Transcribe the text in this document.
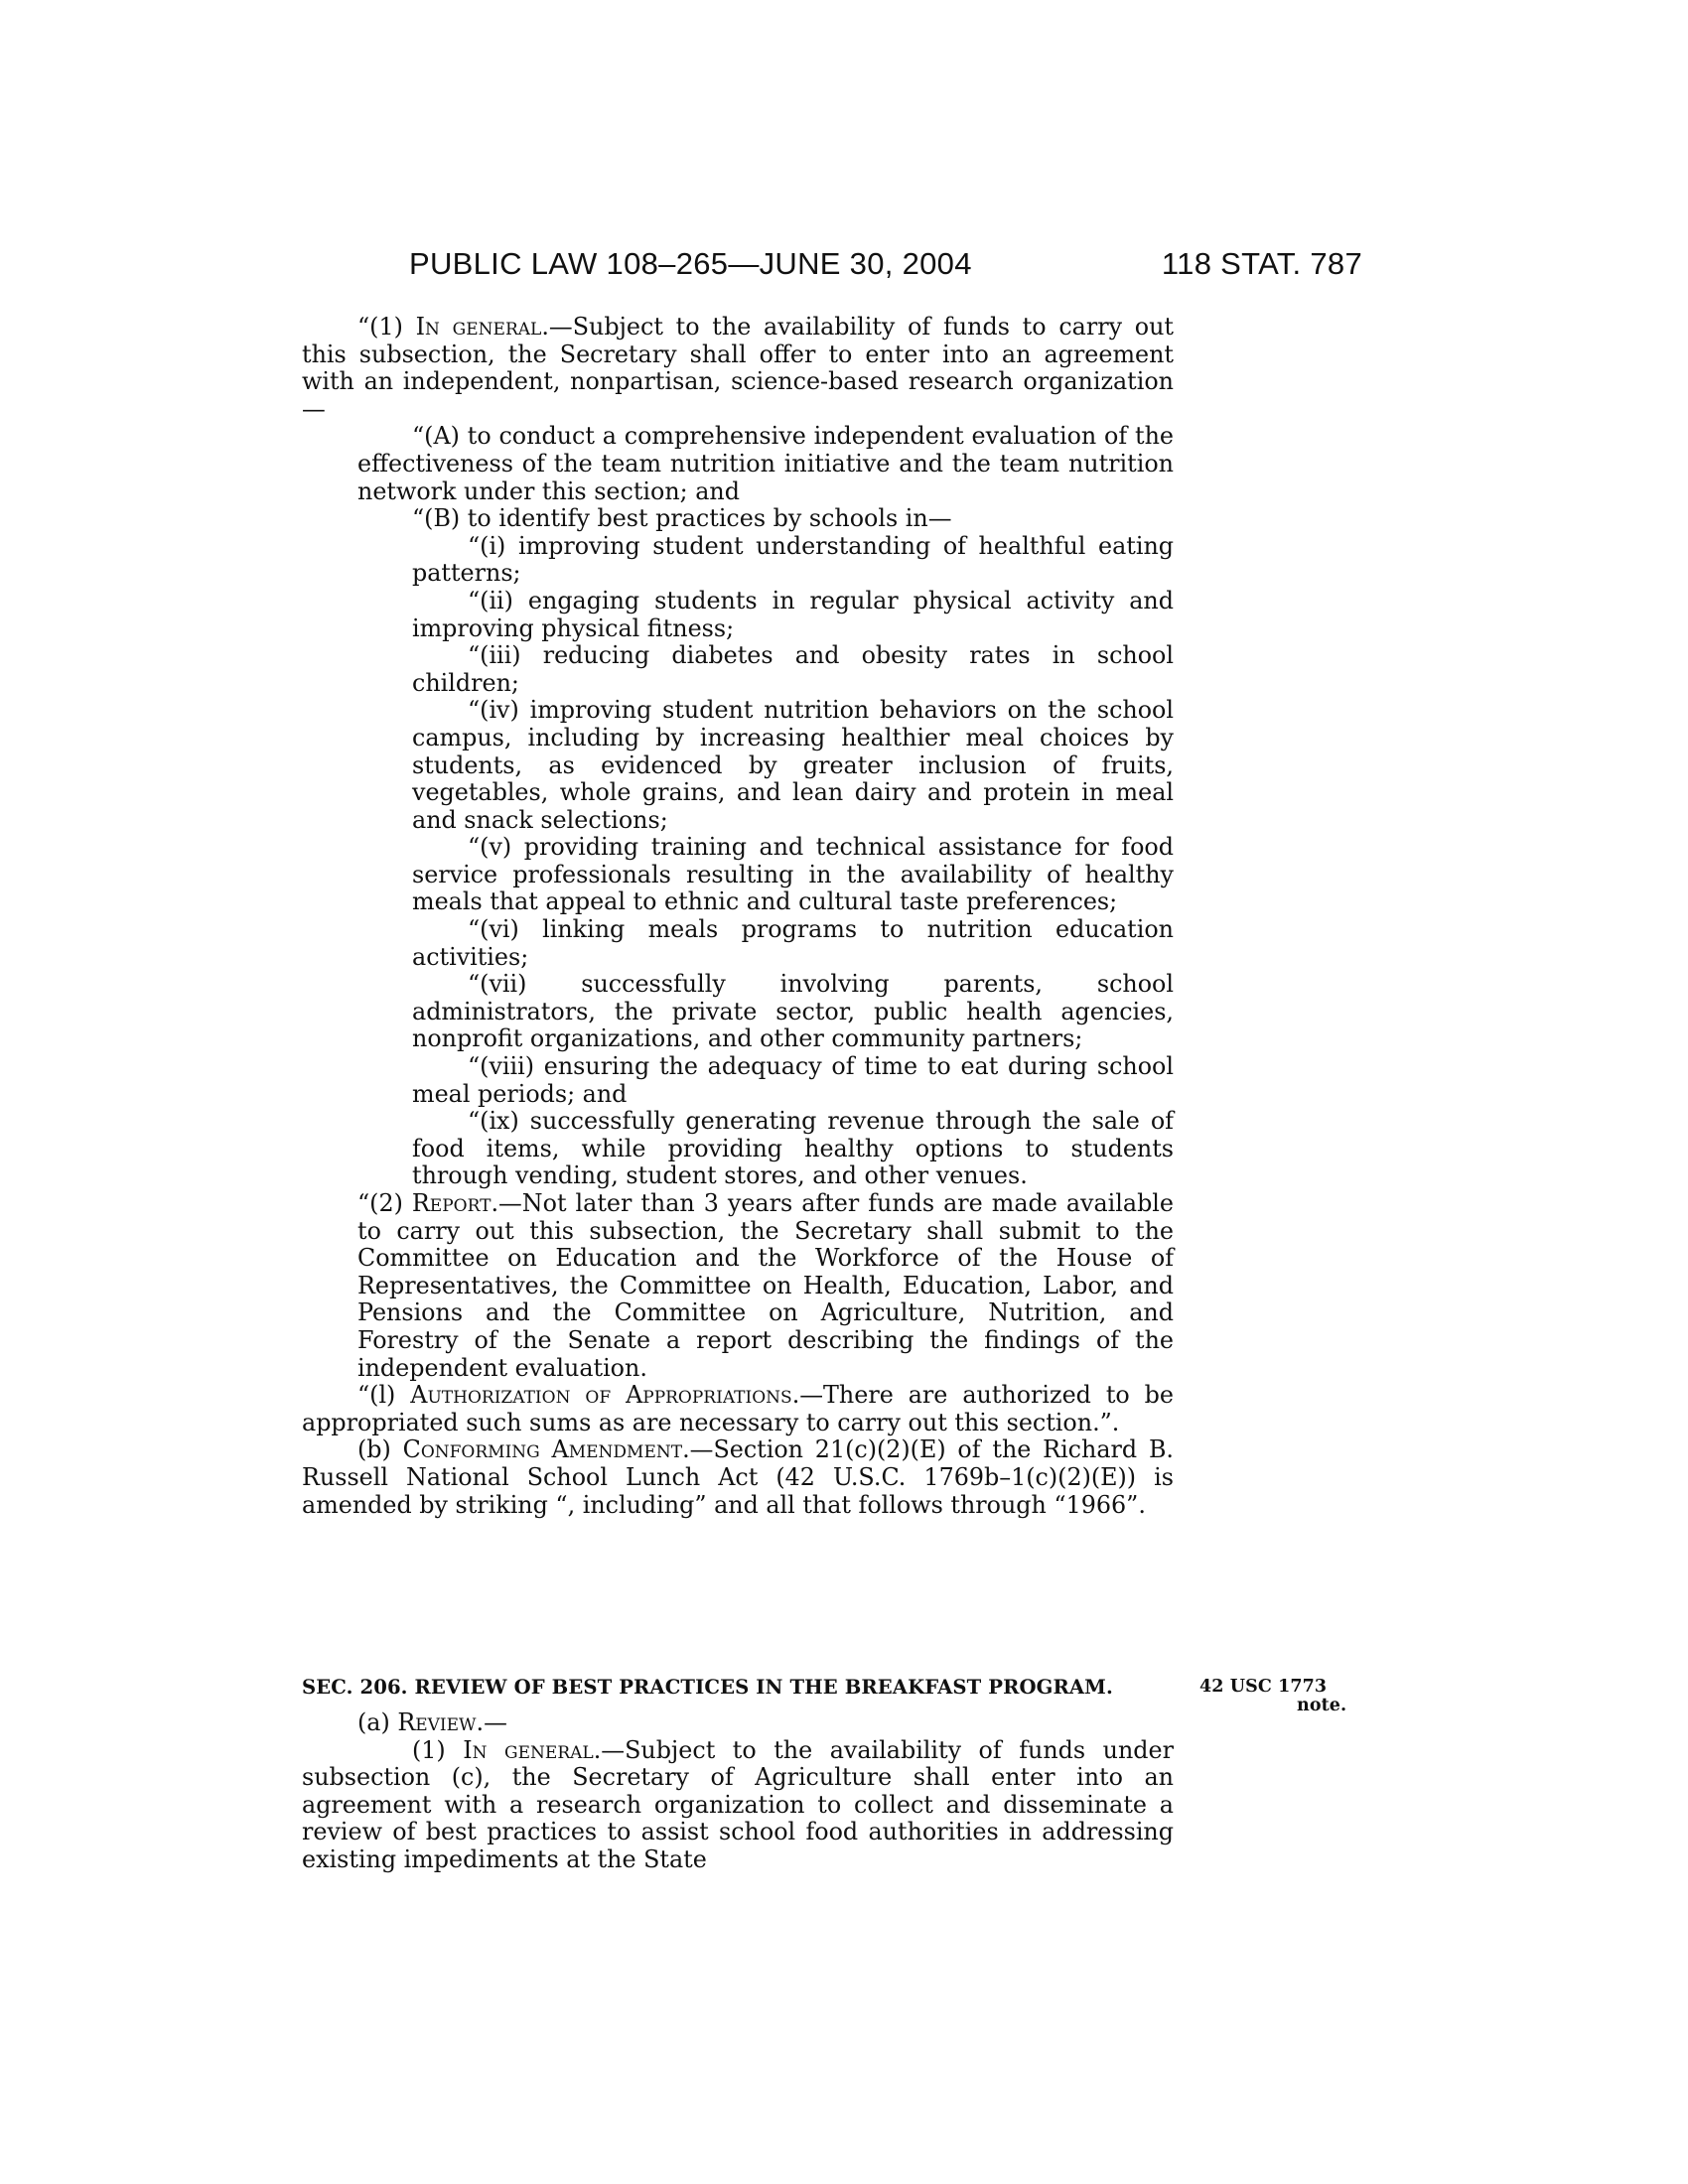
PUBLIC LAW 108–265—JUNE 30, 2004	118 STAT. 787

“(1) In general.—Subject to the availability of funds to carry out this subsection, the Secretary shall offer to enter into an agreement with an independent, nonpartisan, science-based research organization—

“(A) to conduct a comprehensive independent evaluation of the effectiveness of the team nutrition initiative and the team nutrition network under this section; and

“(B) to identify best practices by schools in—

“(i) improving student understanding of healthful eating patterns;

“(ii) engaging students in regular physical activity and improving physical fitness;

“(iii) reducing diabetes and obesity rates in school children;

“(iv) improving student nutrition behaviors on the school campus, including by increasing healthier meal choices by students, as evidenced by greater inclusion of fruits, vegetables, whole grains, and lean dairy and protein in meal and snack selections;

“(v) providing training and technical assistance for food service professionals resulting in the availability of healthy meals that appeal to ethnic and cultural taste preferences;

“(vi) linking meals programs to nutrition education activities;

“(vii) successfully involving parents, school administrators, the private sector, public health agencies, nonprofit organizations, and other community partners;

“(viii) ensuring the adequacy of time to eat during school meal periods; and

“(ix) successfully generating revenue through the sale of food items, while providing healthy options to students through vending, student stores, and other venues.

“(2) Report.—Not later than 3 years after funds are made available to carry out this subsection, the Secretary shall submit to the Committee on Education and the Workforce of the House of Representatives, the Committee on Health, Education, Labor, and Pensions and the Committee on Agriculture, Nutrition, and Forestry of the Senate a report describing the findings of the independent evaluation.

“(l) Authorization of Appropriations.—There are authorized to be appropriated such sums as are necessary to carry out this section.”.

(b) Conforming Amendment.—Section 21(c)(2)(E) of the Richard B. Russell National School Lunch Act (42 U.S.C. 1769b–1(c)(2)(E)) is amended by striking “, including” and all that follows through “1966”.

SEC. 206. REVIEW OF BEST PRACTICES IN THE BREAKFAST PROGRAM.	42 USC 1773
note.

(a) Review.—

(1) In general.—Subject to the availability of funds under subsection (c), the Secretary of Agriculture shall enter into an agreement with a research organization to collect and disseminate a review of best practices to assist school food authorities in addressing existing impediments at the State
